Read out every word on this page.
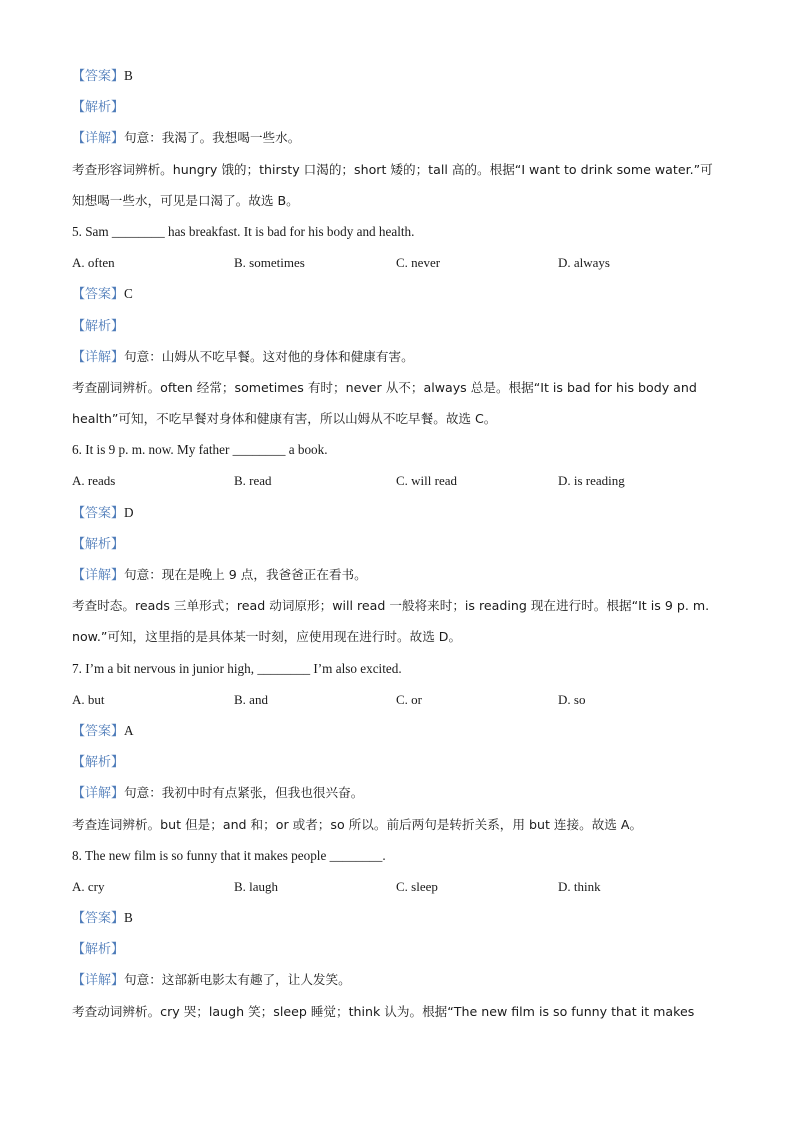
【答案】B
【解析】
【详解】句意：我渴了。我想喝一些水。
考查形容词辨析。hungry 饿的；thirsty 口渴的；short 矮的；tall 高的。根据“I want to drink some water.”可
知想喝一些水，可见是口渴了。故选 B。
5. Sam ________ has breakfast. It is bad for his body and health.
A. often	B. sometimes	C. never	D. always
【答案】C
【解析】
【详解】句意：山姆从不吃早餐。这对他的身体和健康有害。
考查副词辨析。often 经常；sometimes 有时；never 从不；always 总是。根据“It is bad for his body and
health”可知，不吃早餐对身体和健康有害，所以山姆从不吃早餐。故选 C。
6. It is 9 p. m. now. My father ________ a book.
A. reads	B. read	C. will read	D. is reading
【答案】D
【解析】
【详解】句意：现在是晚上 9 点，我爸爸正在看书。
考查时态。reads 三单形式；read 动词原形；will read 一般将来时；is reading 现在进行时。根据“It is 9 p. m.
now.”可知，这里指的是具体某一时刻，应使用现在进行时。故选 D。
7. I’m a bit nervous in junior high, ________ I’m also excited.
A. but	B. and	C. or	D. so
【答案】A
【解析】
【详解】句意：我初中时有点紧张，但我也很兴奋。
考查连词辨析。but 但是；and 和；or 或者；so 所以。前后两句是转折关系，用 but 连接。故选 A。
8. The new film is so funny that it makes people ________.
A. cry	B. laugh	C. sleep	D. think
【答案】B
【解析】
【详解】句意：这部新电影太有趣了，让人发笑。
考查动词辨析。cry 哭；laugh 笑；sleep 睡觉；think 认为。根据“The new film is so funny that it makes
